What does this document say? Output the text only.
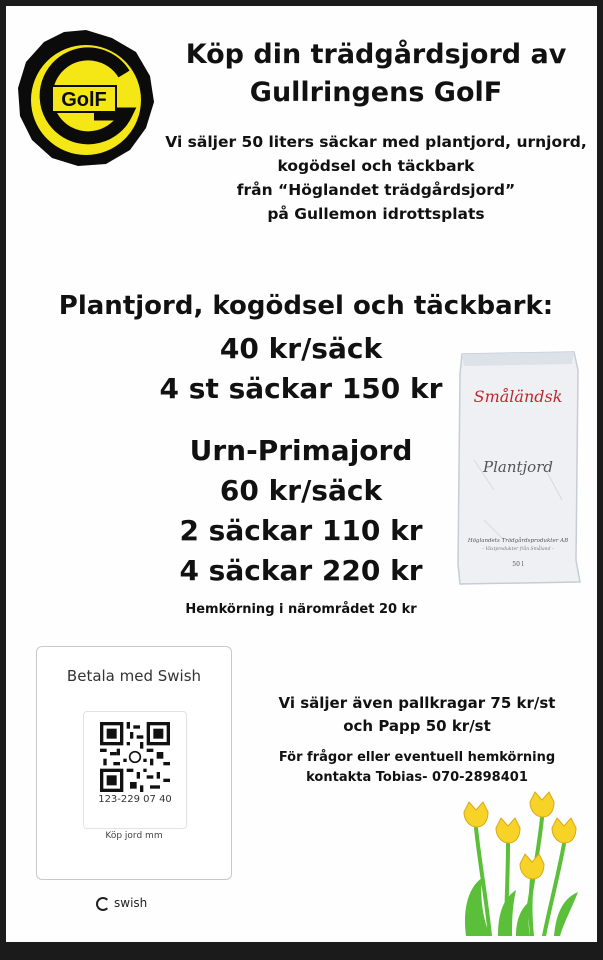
GolF
Köp din trädgårdsjord av
Gullringens GolF
Vi säljer 50 liters säckar med plantjord, urnjord,
kogödsel och täckbark
från “Höglandet trädgårdsjord”
på Gullemon idrottsplats
Plantjord, kogödsel och täckbark:
40 kr/säck
4 st säckar 150 kr
Urn-Primajord
60 kr/säck
2 säckar 110 kr
4 säckar 220 kr
Hemkörning i närområdet 20 kr
Småländsk
Plantjord
Höglandets Trädgårdsprodukter AB
– Växtprodukter från Småland –
50 l
Betala med Swish
123-229 07 40
Köp jord mm
swish
Vi säljer även pallkragar 75 kr/st
och Papp 50 kr/st
För frågor eller eventuell hemkörning
kontakta Tobias- 070-2898401
